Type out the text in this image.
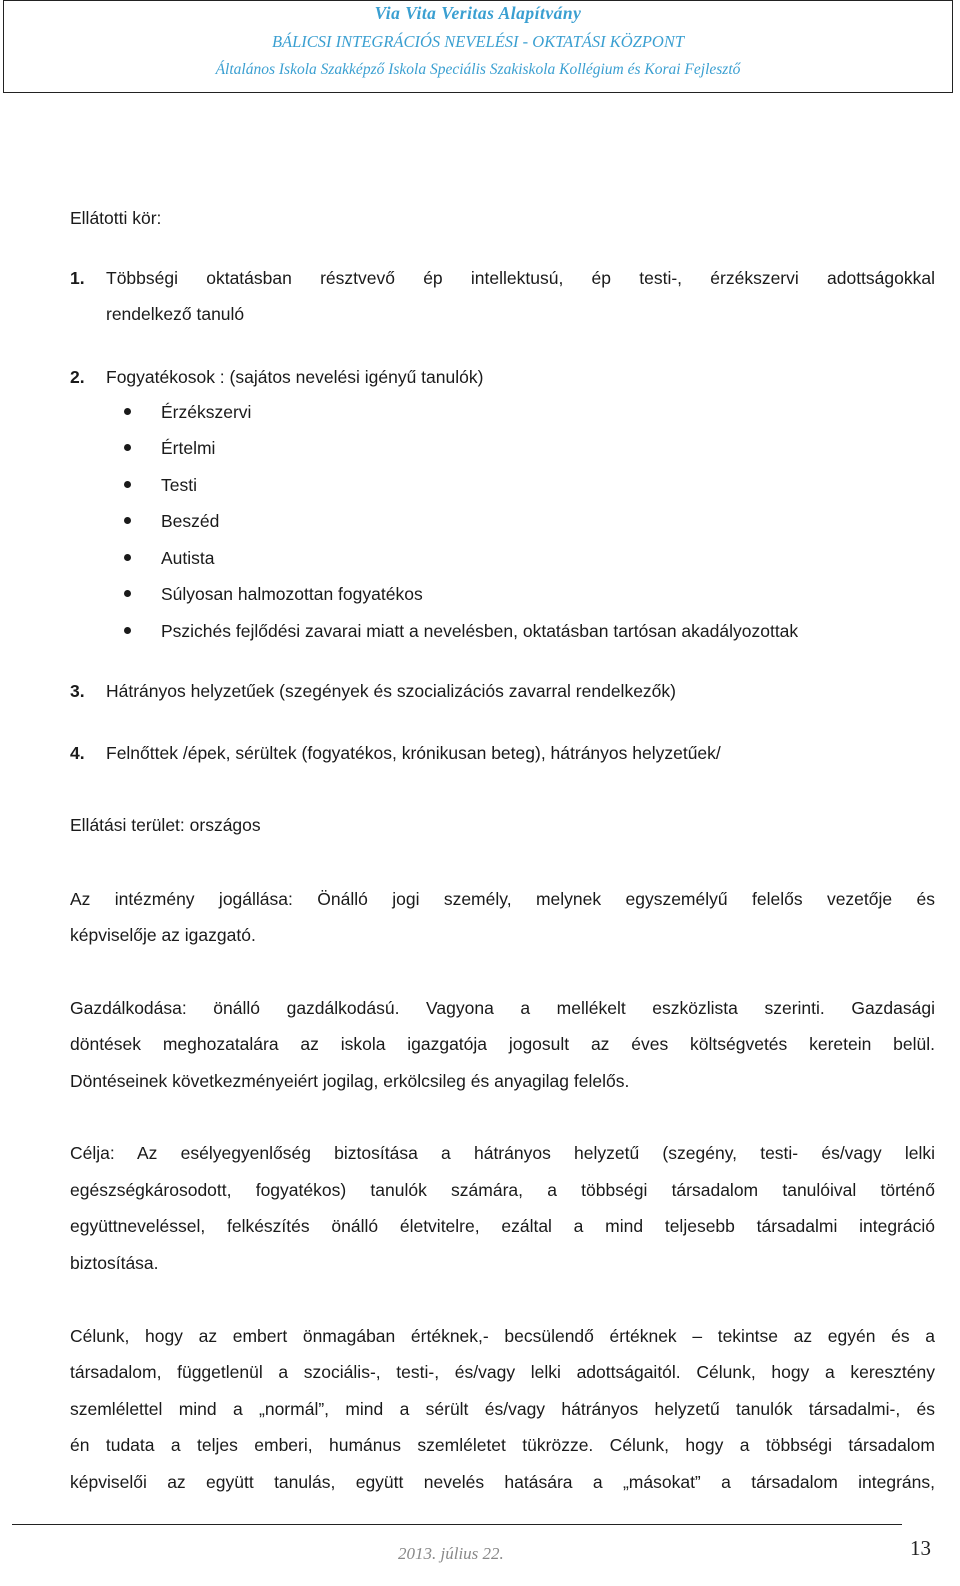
Via Vita Veritas Alapítvány
BÁLICSI INTEGRÁCIÓS NEVELÉSI - OKTATÁSI KÖZPONT
Általános Iskola Szakképző Iskola Speciális Szakiskola Kollégium és Korai Fejlesztő
Ellátotti kör:
1. Többségi oktatásban résztvevő ép intellektusú, ép testi-, érzékszervi adottságokkal
rendelkező tanuló
2. Fogyatékosok : (sajátos nevelési igényű tanulók)
Érzékszervi
Értelmi
Testi
Beszéd
Autista
Súlyosan halmozottan fogyatékos
Pszichés fejlődési zavarai miatt a nevelésben, oktatásban tartósan akadályozottak
3. Hátrányos helyzetűek (szegények és szocializációs zavarral rendelkezők)
4. Felnőttek /épek, sérültek (fogyatékos, krónikusan beteg), hátrányos helyzetűek/
Ellátási terület: országos
Az intézmény jogállása: Önálló jogi személy, melynek egyszemélyű felelős vezetője és
képviselője az igazgató.
Gazdálkodása: önálló gazdálkodású. Vagyona a mellékelt eszközlista szerinti. Gazdasági
döntések meghozatalára az iskola igazgatója jogosult az éves költségvetés keretein belül.
Döntéseinek következményeiért jogilag, erkölcsileg és anyagilag felelős.
Célja: Az esélyegyenlőség biztosítása a hátrányos helyzetű (szegény, testi- és/vagy lelki
egészségkárosodott, fogyatékos) tanulók számára, a többségi társadalom tanulóival történő
együttneveléssel, felkészítés önálló életvitelre, ezáltal a mind teljesebb társadalmi integráció
biztosítása.
Célunk, hogy az embert önmagában értéknek,- becsülendő értéknek – tekintse az egyén és a
társadalom, függetlenül a szociális-, testi-, és/vagy lelki adottságaitól. Célunk, hogy a keresztény
szemlélettel mind a „normál”, mind a sérült és/vagy hátrányos helyzetű tanulók társadalmi-, és
én tudata a teljes emberi, humánus szemléletet tükrözze. Célunk, hogy a többségi társadalom
képviselői az együtt tanulás, együtt nevelés hatására a „másokat” a társadalom integráns,
2013. július 22.	13
